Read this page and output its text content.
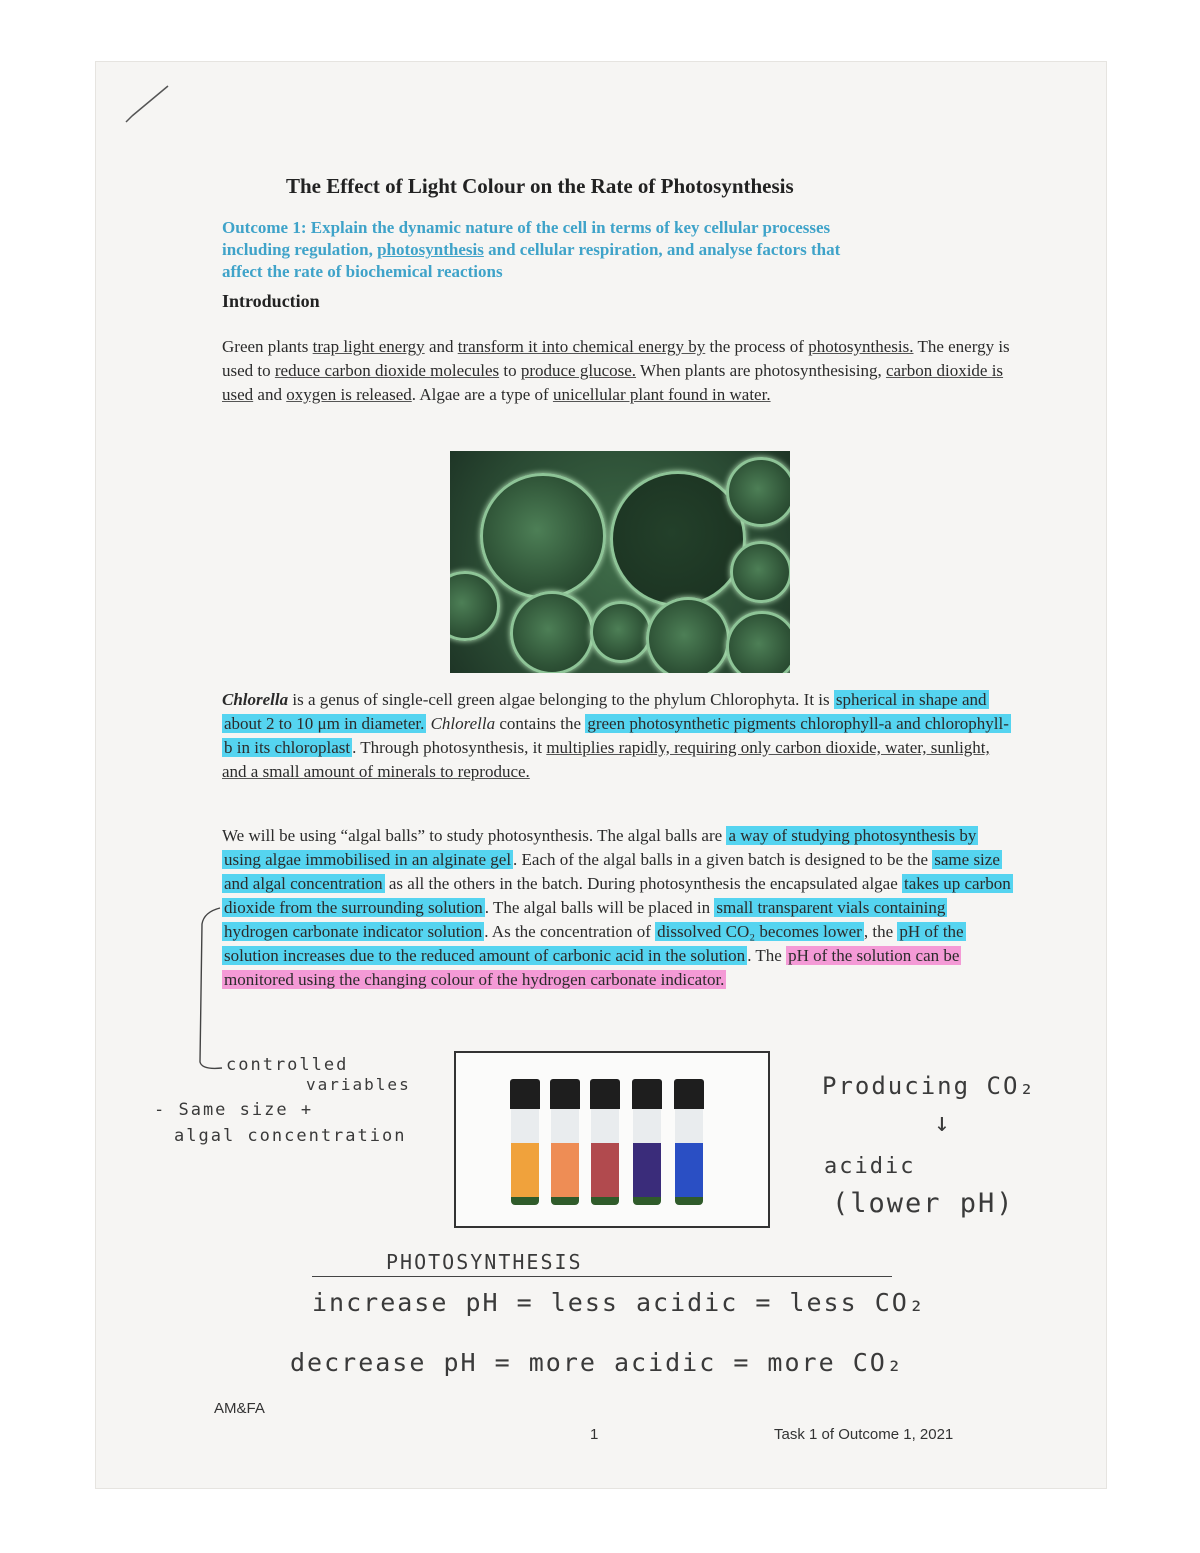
The Effect of Light Colour on the Rate of Photosynthesis
Outcome 1: Explain the dynamic nature of the cell in terms of key cellular processes
including regulation, photosynthesis and cellular respiration, and analyse factors that
affect the rate of biochemical reactions
Introduction
Green plants trap light energy and transform it into chemical energy by the process of photosynthesis. The energy is used to reduce carbon dioxide molecules to produce glucose. When plants are photosynthesising, carbon dioxide is used and oxygen is released. Algae are a type of unicellular plant found in water.
Chlorella is a genus of single-cell green algae belonging to the phylum Chlorophyta. It is spherical in shape and about 2 to 10 μm in diameter. Chlorella contains the green photosynthetic pigments chlorophyll-a and chlorophyll-b in its chloroplast . Through photosynthesis, it multiplies rapidly, requiring only carbon dioxide, water, sunlight, and a small amount of minerals to reproduce.
We will be using “algal balls” to study photosynthesis. The algal balls are a way of studying photosynthesis by using algae immobilised in an alginate gel . Each of the algal balls in a given batch is designed to be the same size and algal concentration as all the others in the batch. During photosynthesis the encapsulated algae takes up carbon dioxide from the surrounding solution . The algal balls will be placed in small transparent vials containing hydrogen carbonate indicator solution . As the concentration of dissolved CO₂ becomes lower , the pH of the solution increases due to the reduced amount of carbonic acid in the solution . The pH of the solution can be monitored using the changing colour of the hydrogen carbonate indicator.
controlled
variables
- Same size +
algal concentration
Producing CO₂
↓
acidic
(lower pH)
PHOTOSYNTHESIS
increase pH = less acidic = less CO₂
decrease pH = more acidic = more CO₂
AM&FA
1	Task 1 of Outcome 1, 2021
